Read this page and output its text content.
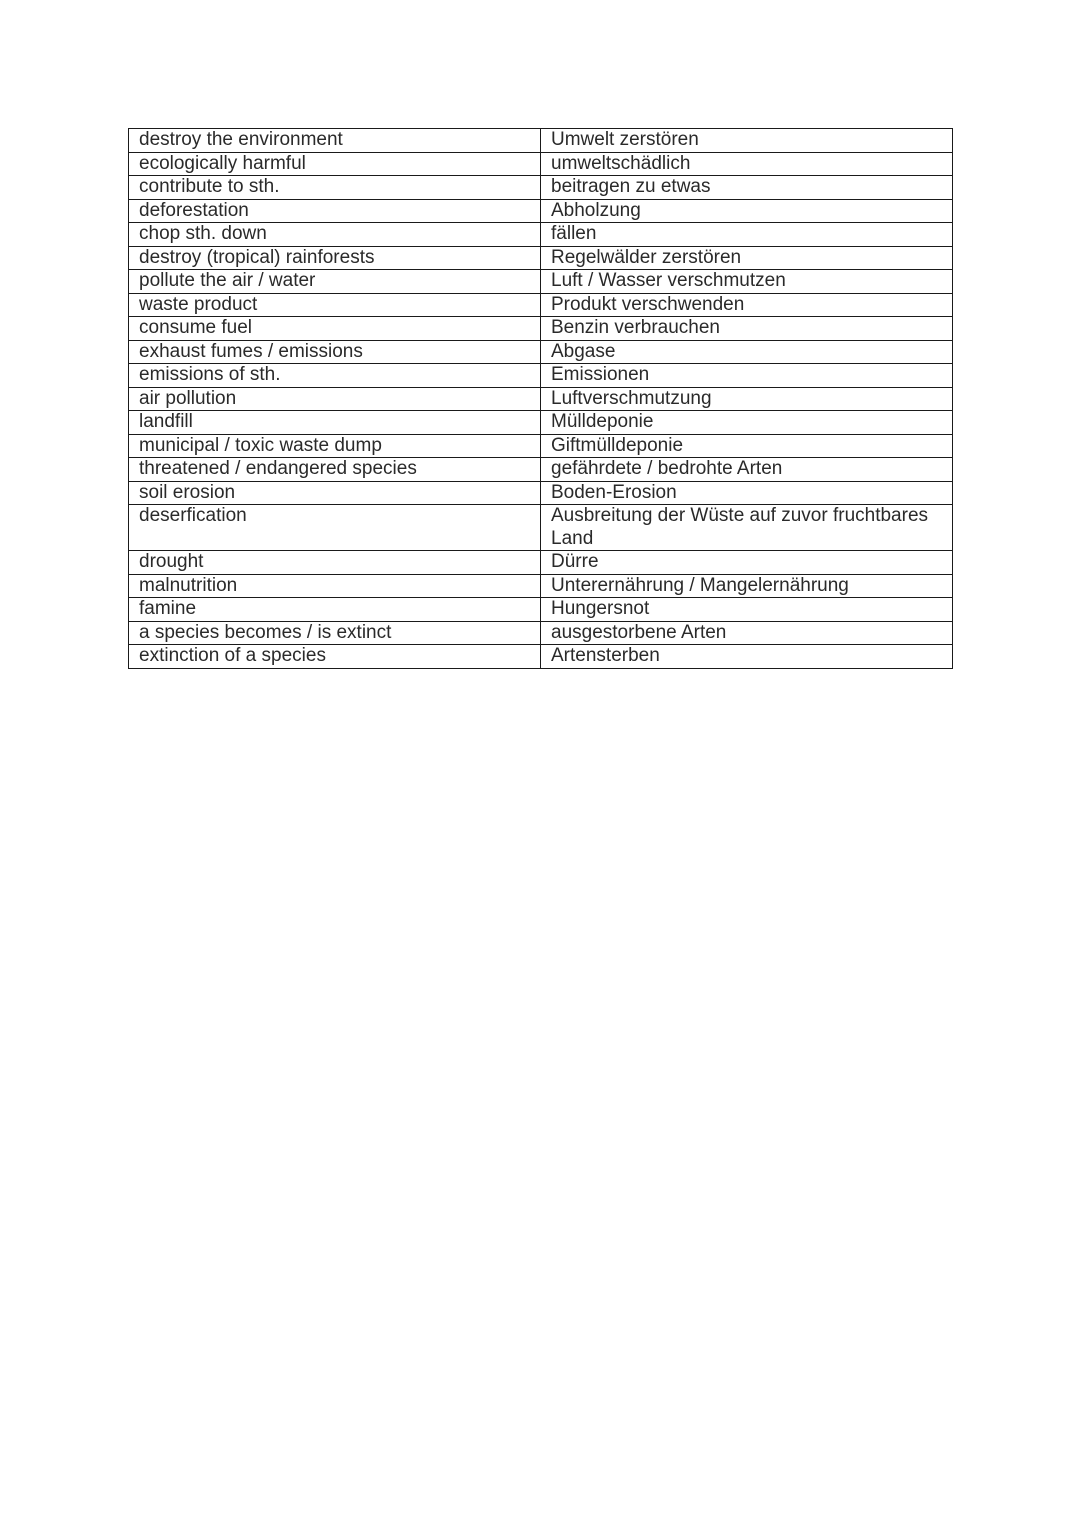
destroy the environment	Umwelt zerstören
ecologically harmful	umweltschädlich
contribute to sth.	beitragen zu etwas
deforestation	Abholzung
chop sth. down	fällen
destroy (tropical) rainforests	Regelwälder zerstören
pollute the air / water	Luft / Wasser verschmutzen
waste product	Produkt verschwenden
consume fuel	Benzin verbrauchen
exhaust fumes / emissions	Abgase
emissions of sth.	Emissionen
air pollution	Luftverschmutzung
landfill	Mülldeponie
municipal / toxic waste dump	Giftmülldeponie
threatened / endangered species	gefährdete / bedrohte Arten
soil erosion	Boden-Erosion
deserfication	Ausbreitung der Wüste auf zuvor fruchtbares Land
drought	Dürre
malnutrition	Unterernährung / Mangelernährung
famine	Hungersnot
a species becomes / is extinct	ausgestorbene Arten
extinction of a species	Artensterben
